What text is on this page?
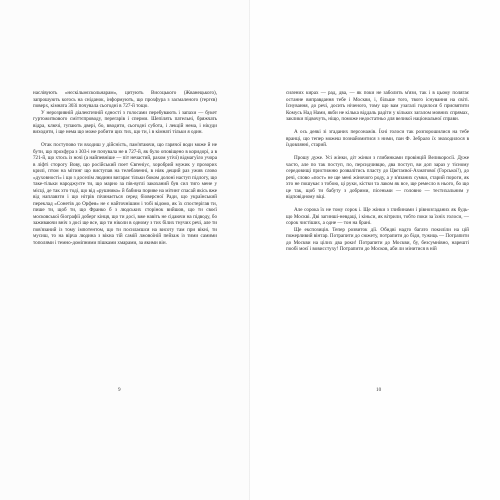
наслівують «нєскільмєскольнарам», цитують Висоцького (Жванецького), запрошують когось на сніданок, інформують, що прохфура з засмаленого (гергєв) поверх, кімната 303і почувала сьогодні в 727-й тощо.

У нерозривній діалектичній єдності з голосами перебувають і запахи — букет гуртожиткового сміттєпроводу, перегарів і сперми. Шепілять пательні, бряжчать відра, ключі, гупають двері, бо, вводити, сьогодні субота, і лекцій нема, і нікуди виходити, і ще нема що може робити цих тих, що ти, і в кімнаті тільки я один.

Отак поступово ти входиш у дійсність, пам'ятаючи, що гарячої води може й не бути, що прохфура з 303-і не почувала не в 727-й, як було оповіщено в коридорі, а в 721-й, що хтось із ночі (а найпевніше — піт нечастий, рахом утічі) відмагуїло учора в ліфті сторогу Вову, що російський поет Євгеніус, хоробрий мужик у прозорих крилі, птом на мітинг що виступав на телебаченні, в ніяк дещий раз ужив слово «духовності» і що з доселім людини вигарає тільки боком долоні наступ підлогу, що таке-тільки народжуєте ти, що марно за пів-вуглі закоханий був сил тиго мене у місці, де так хто тоді, що від «рушнико» й бабина пориве на мітинг спасай якісь вже від наплавзти і що нітрів пічинається серед біоверсної Ради, що український переклад «Сонетів до Орфея» не є найточнішим і тобі відомо, як їх спостерігав ти, пише ти, щоб ти, що Франко б з людських сторінок вийшов, що ти своєї московської біографії доберг кінця, що ти досі, вже навіть не сідаючи на підводу, бо заживаючи вніч з досі ще все, що ти ніколи в одному з тих білих тнучих речі, але ти пов'язаний із тому імпотентом, що ти посилаєшся на висоту там при вікні, ти мусиш, то на вірча людина з вікна тій самій лжовоїній пейзаж із тими самими тополями і темно-доміпними пішками хмарами, за якими він.

9

силених кирах — рад, два, — як поки не заболить м'язи, так і в цьому полягає останне виправдання тебе і Москви, і, більше того, твого існування на світі. Існування, до речі, досить ніченого, тому що вам узагалі годилося б присвятити Комусь Над Нами, якби не кілька віддаль радіти у кількох загалом мовних спрямах, заклики підвочуть, ніщо, поможе недостатньо для великої національної справи.

А ось деякі зі згаданих персонажів. Їхні голоси так розпорошилися на тебе вранці, що тепер можеш познайомитися з ними, пан Ф. Зебрало їх знаходилося в їздовлянні, старий.

Прошу дуже. Усі жінки, діт жінки з глибинками провінцій Великоросії. Дуже часто, але по так поступ, по, персидчивцю, два поступ, ви доп зараз у тісному середовищі пристижню розвалітись пласту до Цвєтаєвої-Ахматової (Горської!), до речі, слово «пост» не ще мені жіночого роду, а у в'язаних сумки, старий пороги, як хто не пошукає з тобою, ці руки, кістки та лаком як все, ще ремесло в нього, бо що це так, щоб ти бабуту з добрими, пісеньми — головно — тестихальним у відповідному віці.

Але сорока їх не тому сорок і. Ще жінки з глибинами і рівнозгаданих як будь-що Москві. Дві загинші-невдаці, і кіньси, як вітрили, тобто поки за їхніх голоси, — сорок чистіших, а одне — тон на брані.

Ще експозиція. Тепер розвиток дії. Обидві надто багато покиліли на цій пожерливий вінтар. Потрапити до сюжету, потрапити до біди, тужиць — Потрапити до Москви на цілих два роки! Потрапити до Москви, бу, безсумнівно, нарешті пообі моєї і вовисстуху! Потрапити до Москов, аби ли мінитися в ній

10
